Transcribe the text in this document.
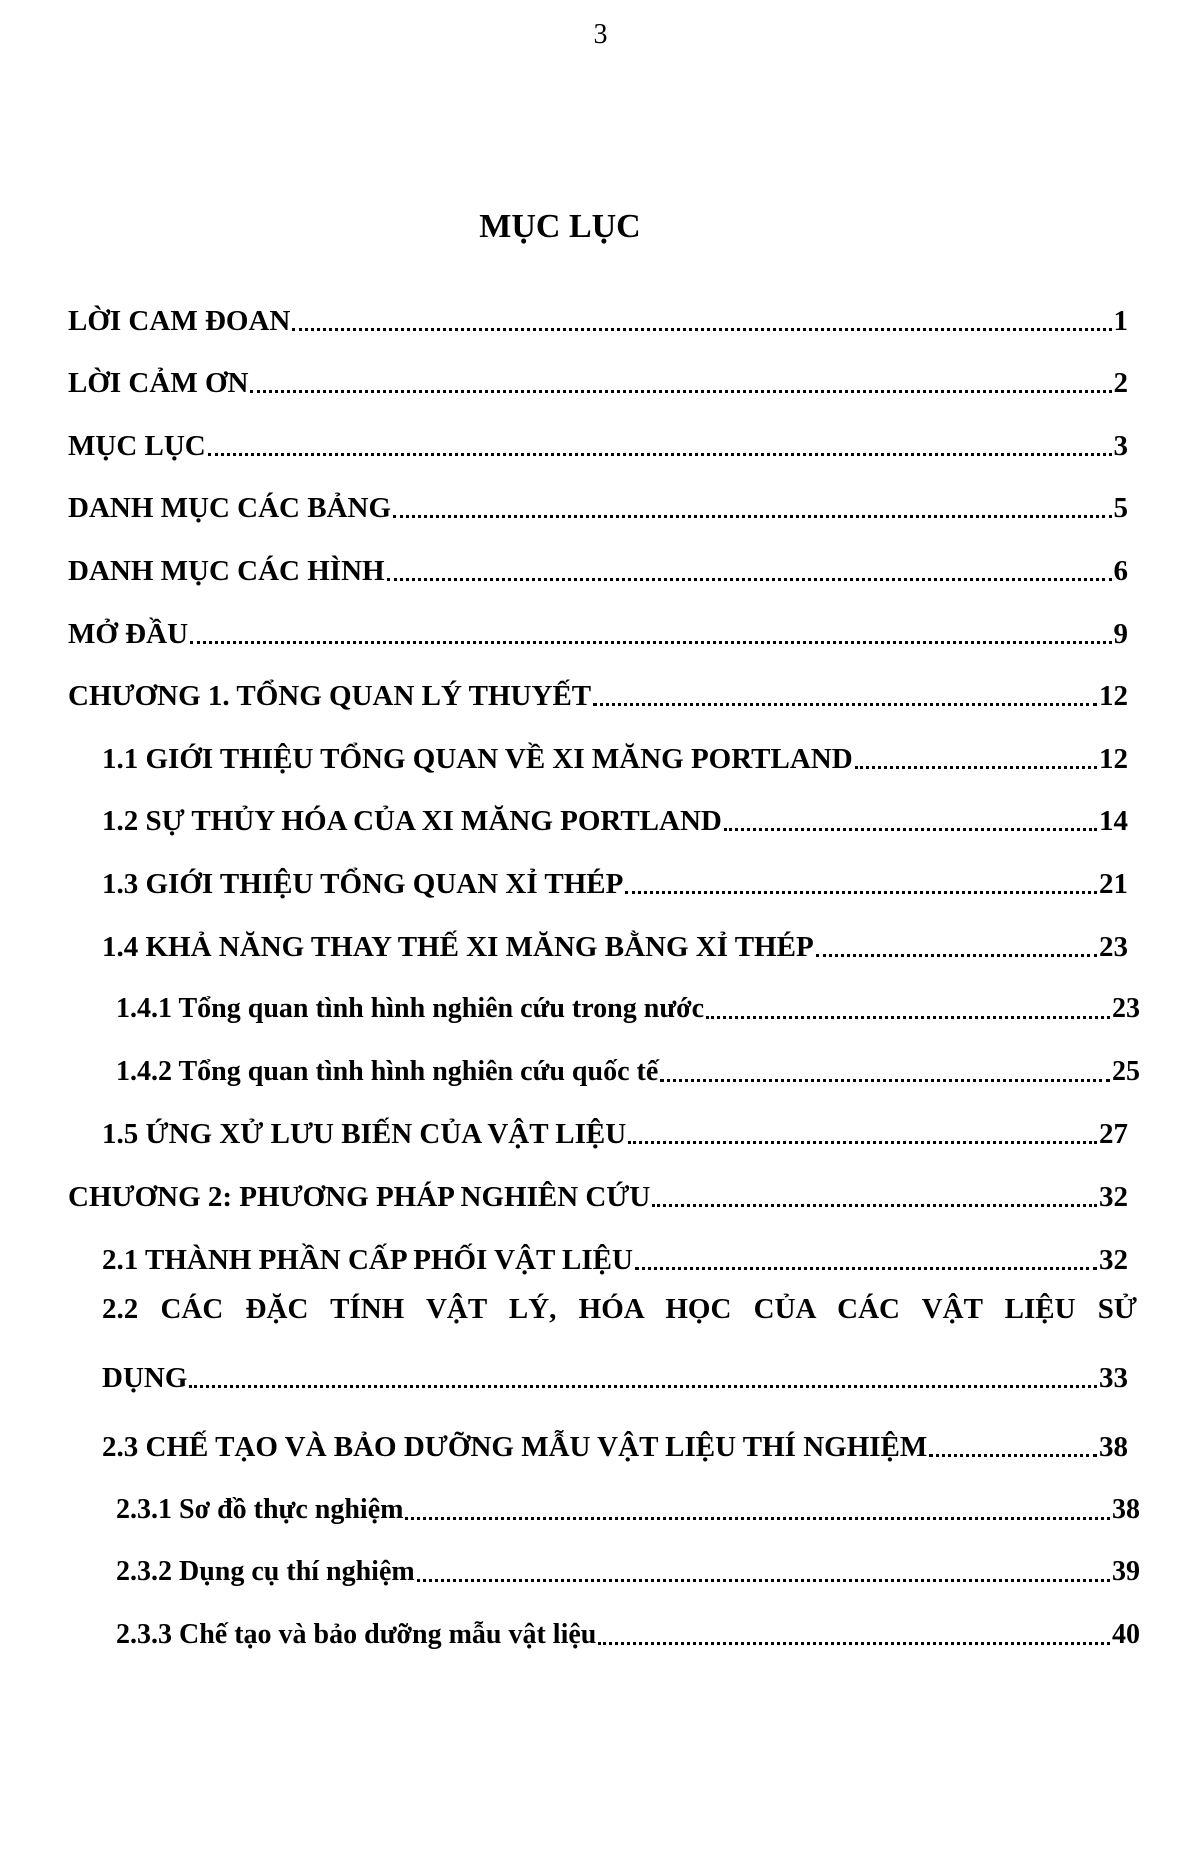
3
MỤC LỤC
LỜI CAM ĐOAN	1
LỜI CẢM ƠN	2
MỤC LỤC	3
DANH MỤC CÁC BẢNG	5
DANH MỤC CÁC HÌNH	6
MỞ ĐẦU	9
CHƯƠNG 1. TỔNG QUAN LÝ THUYẾT	12
1.1 GIỚI THIỆU TỔNG QUAN VỀ XI MĂNG PORTLAND	12
1.2 SỰ THỦY HÓA CỦA XI MĂNG PORTLAND	14
1.3 GIỚI THIỆU TỔNG QUAN XỈ THÉP	21
1.4 KHẢ NĂNG THAY THẾ XI MĂNG BẰNG XỈ THÉP	23
1.4.1 Tổng quan tình hình nghiên cứu trong nước	23
1.4.2 Tổng quan tình hình nghiên cứu quốc tế	25
1.5 ỨNG XỬ LƯU BIẾN CỦA VẬT LIỆU	27
CHƯƠNG 2: PHƯƠNG PHÁP NGHIÊN CỨU	32
2.1 THÀNH PHẦN CẤP PHỐI VẬT LIỆU	32
2.2 CÁC ĐẶC TÍNH VẬT LÝ, HÓA HỌC CỦA CÁC VẬT LIỆU SỬ
DỤNG	33
2.3 CHẾ TẠO VÀ BẢO DƯỠNG MẪU VẬT LIỆU THÍ NGHIỆM	38
2.3.1 Sơ đồ thực nghiệm	38
2.3.2 Dụng cụ thí nghiệm	39
2.3.3 Chế tạo và bảo dưỡng mẫu vật liệu	40
